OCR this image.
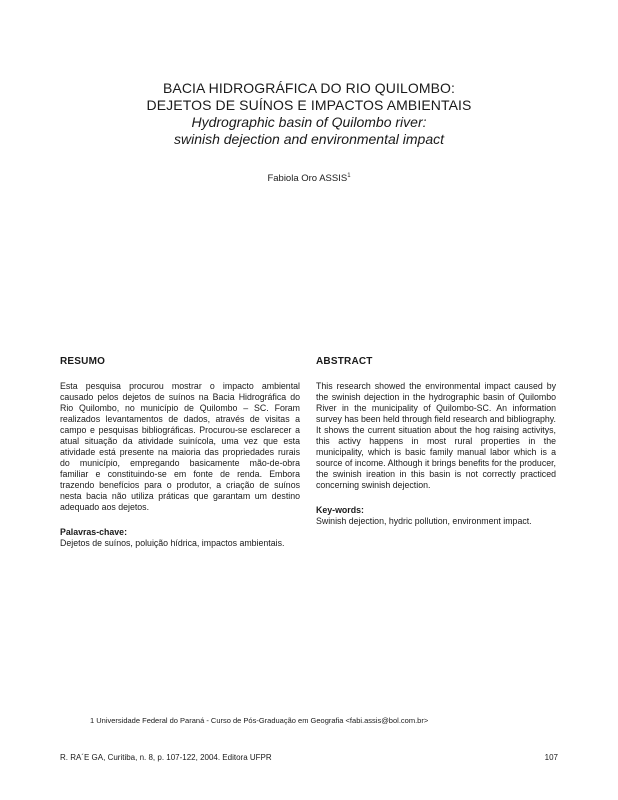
BACIA HIDROGRÁFICA DO RIO QUILOMBO:
DEJETOS DE SUÍNOS E IMPACTOS AMBIENTAIS
Hydrographic basin of Quilombo river:
swinish dejection and environmental impact
Fabiola Oro ASSIS$^1$
RESUMO

Esta pesquisa procurou mostrar o impacto ambiental causado pelos dejetos de suínos na Bacia Hidrográfica do Rio Quilombo, no município de Quilombo – SC. Foram realizados levantamentos de dados, através de visitas a campo e pesquisas bibliográficas. Procurou-se esclarecer a atual situação da atividade suinícola, uma vez que esta atividade está presente na maioria das propriedades rurais do município, empregando basicamente mão-de-obra familiar e constituindo-se em fonte de renda. Embora trazendo benefícios para o produtor, a criação de suínos nesta bacia não utiliza práticas que garantam um destino adequado aos dejetos.

Palavras-chave:

Dejetos de suínos, poluição hídrica, impactos ambientais.

ABSTRACT

This research showed the environmental impact caused by the swinish dejection in the hydrographic basin of Quilombo River in the municipality of Quilombo-SC. An information survey has been held through field research and bibliography. It shows the current situation about the hog raising activitys, this activy happens in most rural properties in the municipality, which is basic family manual labor which is a source of income. Although it brings benefits for the producer, the swinish ireation in this basin is not correctly practiced concerning swinish dejection.

Key-words:

Swinish dejection, hydric pollution, environment impact.

1 Universidade Federal do Paraná - Curso de Pós-Graduação em Geografia <fabi.assis@bol.com.br>
R. RA´E GA, Curitiba, n. 8, p. 107-122, 2004. Editora UFPR	107
